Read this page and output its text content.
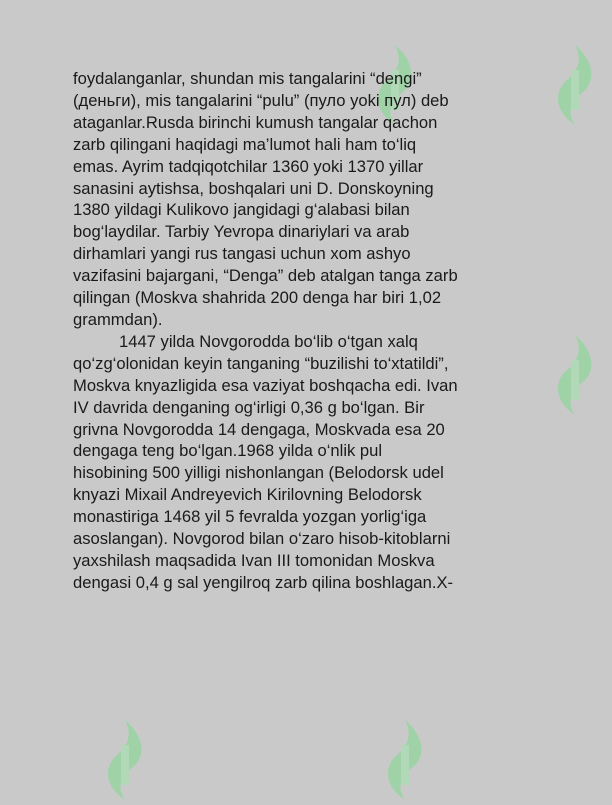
foydalanganlar, shundan mis tangalarini “dengi”
(деньги), mis tangalarini “pulu” (пуло yoki пул) deb
ataganlar.Rusda birinchi kumush tangalar qachon
zarb qilingani haqidagi ma’lumot hali ham to‘liq
emas. Ayrim tadqiqotchilar 1360 yoki 1370 yillar
sanasini aytishsa, boshqalari uni D. Donskoyning
1380 yildagi Kulikovo jangidagi g‘alabasi bilan
bog‘laydilar. Tarbiy Yevropa dinariylari va arab
dirhamlari yangi rus tangasi uchun xom ashyo
vazifasini bajargani, “Denga” deb atalgan tanga zarb
qilingan (Moskva shahrida 200 denga har biri 1,02
grammdan).
1447 yilda Novgorodda bo‘lib o‘tgan xalq
qo‘zg‘olonidan keyin tanganing “buzilishi to‘xtatildi”,
Moskva knyazligida esa vaziyat boshqacha edi. Ivan
IV davrida denganing og‘irligi 0,36 g bo‘lgan. Bir
grivna Novgorodda 14 dengaga, Moskvada esa 20
dengaga teng bo‘lgan.1968 yilda o‘nlik pul
hisobining 500 yilligi nishonlangan (Belodorsk udel
knyazi Mixail Andreyevich Kirilovning Belodorsk
monastiriga 1468 yil 5 fevralda yozgan yorlig‘iga
asoslangan). Novgorod bilan o‘zaro hisob-kitoblarni
yaxshilash maqsadida Ivan III tomonidan Moskva
dengasi 0,4 g sal yengilroq zarb qilina boshlagan.X-
